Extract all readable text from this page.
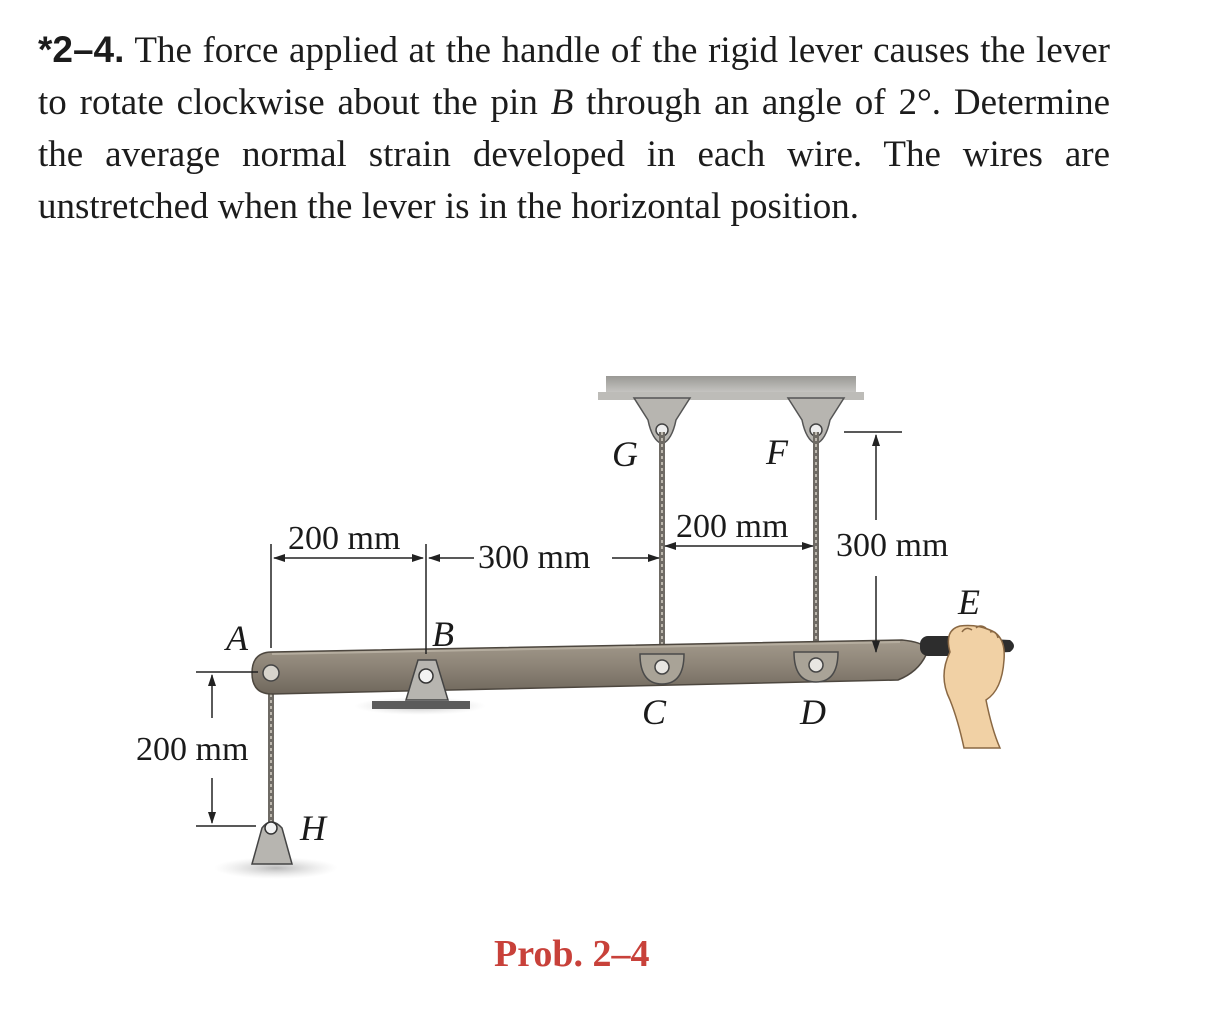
*2–4. The force applied at the handle of the rigid lever causes the lever to rotate clockwise about the pin B through an angle of 2°. Determine the average normal strain developed in each wire. The wires are unstretched when the lever is in the horizontal position.
200 mm
300 mm
200 mm
300 mm
200 mm
A	B
C	D
E
F
G
H
Prob. 2–4
